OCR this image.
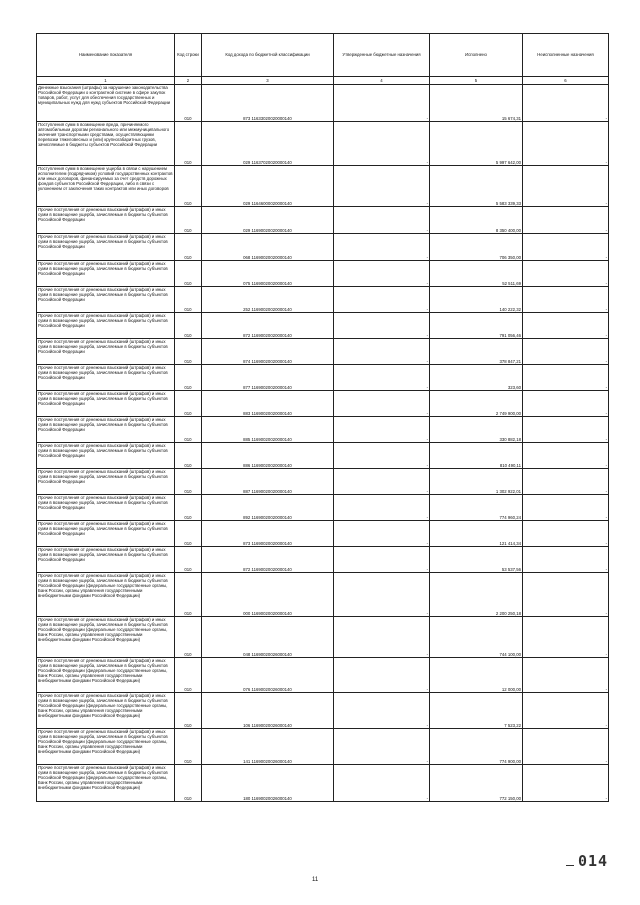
Наименование показателя	Код строки	Код дохода по бюджетной классификации	Утвержденные бюджетные назначения	Исполнено	Неисполненные назначения
1	2	3	4	5	6
Денежные взыскания (штрафы) за нарушение законодательства Российской Федерации о контрактной системе в сфере закупок товаров, работ, услуг для обеспечения государственных и муниципальных нужд для нужд субъектов Российской Федерации	010	873 11633020020000140	-	15 674,31	-
Поступления сумм в возмещение вреда, причиняемого автомобильным дорогам регионального или межмуниципального значения транспортными средствами, осуществляющими перевозки тяжеловесных и (или) крупногабаритных грузов, зачисляемые в бюджеты субъектов Российской Федерации	010	029 11637020020000140	-	5 997 642,00	-
Поступления сумм в возмещение ущерба в связи с нарушением исполнителем (подрядчиком) условий государственных контрактов или иных договоров, финансируемых за счет средств дорожных фондов субъектов Российской Федерации, либо в связи с уклонением от заключения таких контрактов или иных договоров	010	029 11646000020000140	-	5 583 339,33	-
Прочие поступления от денежных взысканий (штрафов) и иных сумм в возмещение ущерба, зачисляемые в бюджеты субъектов Российской Федерации	010	029 11690020020000140	-	8 350 400,00	-
Прочие поступления от денежных взысканий (штрафов) и иных сумм в возмещение ущерба, зачисляемые в бюджеты субъектов Российской Федерации	010	068 11690020020000140	-	706 350,00	-
Прочие поступления от денежных взысканий (штрафов) и иных сумм в возмещение ущерба, зачисляемые в бюджеты субъектов Российской Федерации	010	075 11690020020000140	-	52 511,69	-
Прочие поступления от денежных взысканий (штрафов) и иных сумм в возмещение ущерба, зачисляемые в бюджеты субъектов Российской Федерации	010	252 11690020020000140	-	140 222,32	-
Прочие поступления от денежных взысканий (штрафов) и иных сумм в возмещение ущерба, зачисляемые в бюджеты субъектов Российской Федерации	010	872 11690020020000140	-	791 056,46	-
Прочие поступления от денежных взысканий (штрафов) и иных сумм в возмещение ущерба, зачисляемые в бюджеты субъектов Российской Федерации	010	874 11690020020000140	-	378 847,21	-
Прочие поступления от денежных взысканий (штрафов) и иных сумм в возмещение ущерба, зачисляемые в бюджеты субъектов Российской Федерации	010	877 11690020020000140	-	323,60	-
Прочие поступления от денежных взысканий (штрафов) и иных сумм в возмещение ущерба, зачисляемые в бюджеты субъектов Российской Федерации	010	883 11690020020000140	-	2 749 900,00	-
Прочие поступления от денежных взысканий (штрафов) и иных сумм в возмещение ущерба, зачисляемые в бюджеты субъектов Российской Федерации	010	885 11690020020000140	-	330 882,18	-
Прочие поступления от денежных взысканий (штрафов) и иных сумм в возмещение ущерба, зачисляемые в бюджеты субъектов Российской Федерации	010	886 11690020020000140	-	810 490,11	-
Прочие поступления от денежных взысканий (штрафов) и иных сумм в возмещение ущерба, зачисляемые в бюджеты субъектов Российской Федерации	010	887 11690020020000140	-	1 302 922,01	-
Прочие поступления от денежных взысканий (штрафов) и иных сумм в возмещение ущерба, зачисляемые в бюджеты субъектов Российской Федерации	010	892 11690020020000140	-	774 960,24	-
Прочие поступления от денежных взысканий (штрафов) и иных сумм в возмещение ущерба, зачисляемые в бюджеты субъектов Российской Федерации	010	873 11690020020000140	-	121 414,34	-
Прочие поступления от денежных взысканий (штрафов) и иных сумм в возмещение ущерба, зачисляемые в бюджеты субъектов Российской Федерации	010	872 11690020020000140	-	53 537,56	-
Прочие поступления от денежных взысканий (штрафов) и иных сумм в возмещение ущерба, зачисляемые в бюджеты субъектов Российской Федерации (федеральные государственные органы, Банк России, органы управления государственными внебюджетными фондами Российской Федерации)	010	000 11690020020000140	-	2 200 250,18	-
Прочие поступления от денежных взысканий (штрафов) и иных сумм в возмещение ущерба, зачисляемые в бюджеты субъектов Российской Федерации (федеральные государственные органы, Банк России, органы управления государственными внебюджетными фондами Российской Федерации)	010	048 11690020026000140	-	744 100,00	-
Прочие поступления от денежных взысканий (штрафов) и иных сумм в возмещение ущерба, зачисляемые в бюджеты субъектов Российской Федерации (федеральные государственные органы, Банк России, органы управления государственными внебюджетными фондами Российской Федерации)	010	076 11690020026000140	-	12 000,00	-
Прочие поступления от денежных взысканий (штрафов) и иных сумм в возмещение ущерба, зачисляемые в бюджеты субъектов Российской Федерации (федеральные государственные органы, Банк России, органы управления государственными внебюджетными фондами Российской Федерации)	010	106 11690020026000140	-	7 523,22	-
Прочие поступления от денежных взысканий (штрафов) и иных сумм в возмещение ущерба, зачисляемые в бюджеты субъектов Российской Федерации (федеральные государственные органы, Банк России, органы управления государственными внебюджетными фондами Российской Федерации)	010	141 11690020026000140	-	774 900,00	-
Прочие поступления от денежных взысканий (штрафов) и иных сумм в возмещение ущерба, зачисляемые в бюджеты субъектов Российской Федерации (федеральные государственные органы, Банк России, органы управления государственными внебюджетными фондами Российской Федерации)	010	180 11690020026000140	-	772 150,00	-
11
014
